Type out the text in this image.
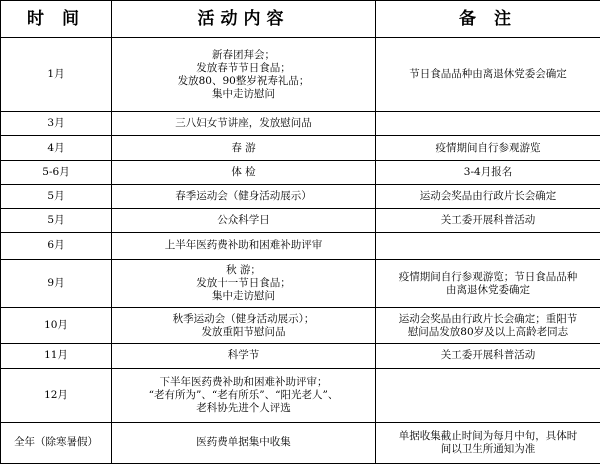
时 间	活动内容	备 注
1月	新春团拜会；
发放春节节日食品；
发放80、90整岁祝寿礼品；
集中走访慰问	节日食品品种由离退休党委会确定

3月	三八妇女节讲座，发放慰问品	

4月	春 游	疫情期间自行参观游览

5-6月	体 检	3-4月报名

5月	春季运动会（健身活动展示）	运动会奖品由行政片长会确定

5月	公众科学日	关工委开展科普活动

6月	上半年医药费补助和困难补助评审	

9月	秋 游；
发放十一节日食品；
集中走访慰问	疫情期间自行参观游览；节日食品品种
由离退休党委确定

10月	秋季运动会（健身活动展示）；
发放重阳节慰问品	运动会奖品由行政片长会确定；重阳节
慰问品发放80岁及以上高龄老同志

11月	科学节	关工委开展科普活动

12月	下半年医药费补助和困难补助评审；
“老有所为”、“老有所乐”、“阳光老人”、
老科协先进个人评选	

全年（除寒暑假）	医药费单据集中收集	单据收集截止时间为每月中旬，具体时
间以卫生所通知为准
